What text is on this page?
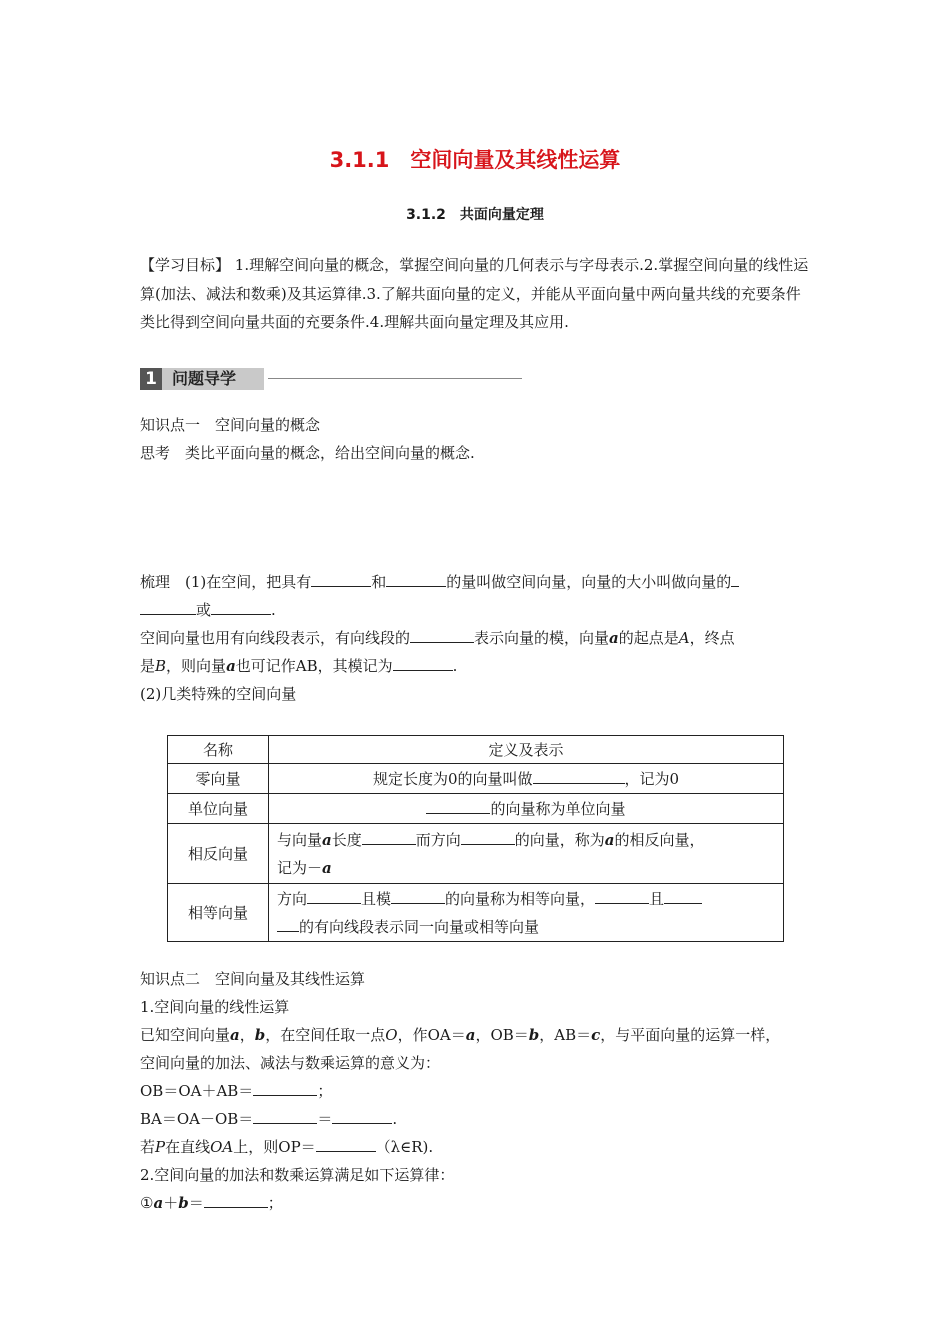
3.1.1　空间向量及其线性运算
3.1.2　共面向量定理
【学习目标】 1.理解空间向量的概念，掌握空间向量的几何表示与字母表示.2.掌握空间向量的线性运算(加法、减法和数乘)及其运算律.3.了解共面向量的定义，并能从平面向量中两向量共线的充要条件类比得到空间向量共面的充要条件.4.理解共面向量定理及其应用.
1 问题导学
知识点一　空间向量的概念
思考　类比平面向量的概念，给出空间向量的概念.
梳理　(1)在空间，把具有	和	的量叫做空间向量，向量的大小叫做向量的
或	.
空间向量也用有向线段表示，有向线段的	表示向量的模，向量a的起点是A，终点
是B，则向量a也可记作AB，其模记为	.
(2)几类特殊的空间向量
名称	定义及表示
零向量	规定长度为0的向量叫做 ，记为0
单位向量	的向量称为单位向量
相反向量	与向量a长度 而方向 的向量，称为a的相反向量，
记为－a
相等向量	方向 且模 的向量称为相等向量， 且
的有向线段表示同一向量或相等向量
知识点二　空间向量及其线性运算
1.空间向量的线性运算
已知空间向量a，b，在空间任取一点O，作OA＝a，OB＝b，AB＝c，与平面向量的运算一样，
空间向量的加法、减法与数乘运算的意义为：
OB＝OA＋AB＝	；
BA＝OA－OB＝	＝	.
若P在直线OA上，则OP＝	（λ∈R).
2.空间向量的加法和数乘运算满足如下运算律：
①a＋b＝	；
